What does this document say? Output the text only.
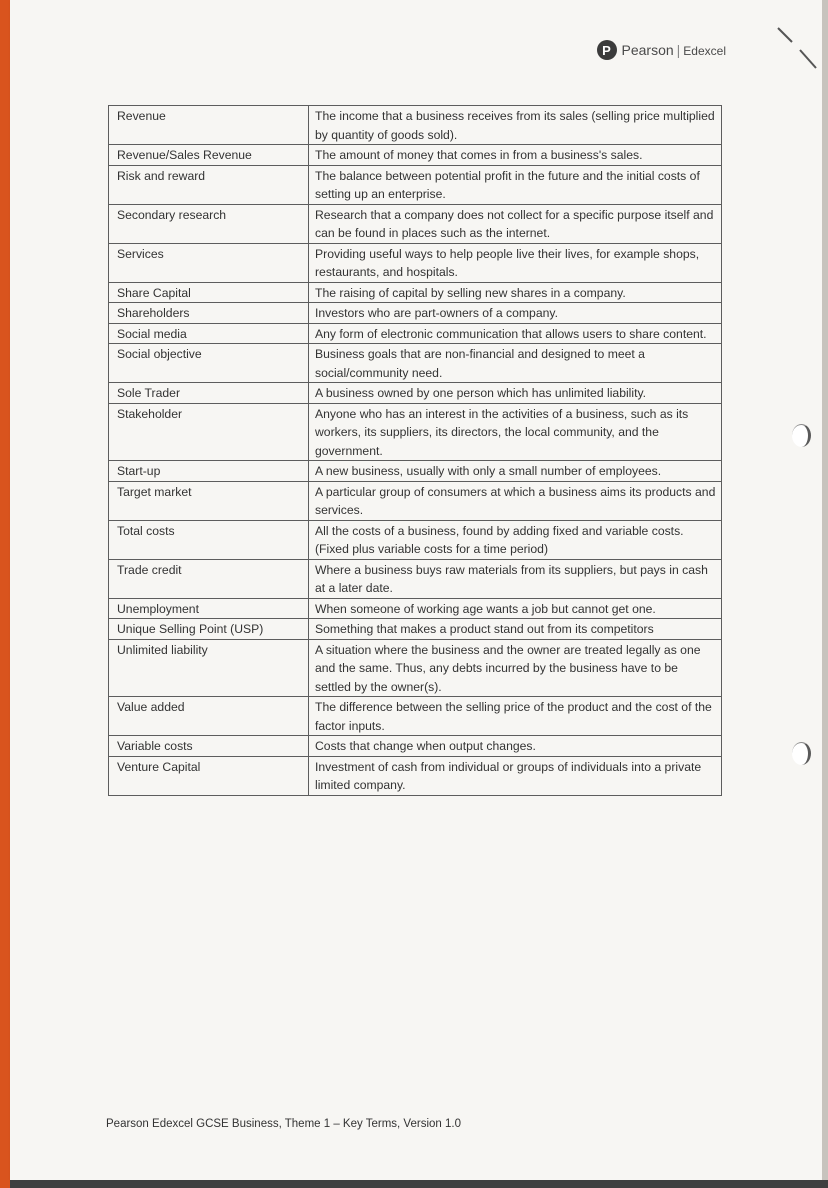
P Pearson | Edexcel
Revenue	The income that a business receives from its sales (selling price multiplied by quantity of goods sold).
Revenue/Sales Revenue	The amount of money that comes in from a business's sales.
Risk and reward	The balance between potential profit in the future and the initial costs of setting up an enterprise.
Secondary research	Research that a company does not collect for a specific purpose itself and can be found in places such as the internet.
Services	Providing useful ways to help people live their lives, for example shops, restaurants, and hospitals.
Share Capital	The raising of capital by selling new shares in a company.
Shareholders	Investors who are part-owners of a company.
Social media	Any form of electronic communication that allows users to share content.
Social objective	Business goals that are non-financial and designed to meet a social/community need.
Sole Trader	A business owned by one person which has unlimited liability.
Stakeholder	Anyone who has an interest in the activities of a business, such as its workers, its suppliers, its directors, the local community, and the government.
Start-up	A new business, usually with only a small number of employees.
Target market	A particular group of consumers at which a business aims its products and services.
Total costs	All the costs of a business, found by adding fixed and variable costs. (Fixed plus variable costs for a time period)
Trade credit	Where a business buys raw materials from its suppliers, but pays in cash at a later date.
Unemployment	When someone of working age wants a job but cannot get one.
Unique Selling Point (USP)	Something that makes a product stand out from its competitors
Unlimited liability	A situation where the business and the owner are treated legally as one and the same. Thus, any debts incurred by the business have to be settled by the owner(s).
Value added	The difference between the selling price of the product and the cost of the factor inputs.
Variable costs	Costs that change when output changes.
Venture Capital	Investment of cash from individual or groups of individuals into a private limited company.
Pearson Edexcel GCSE Business, Theme 1 – Key Terms, Version 1.0
